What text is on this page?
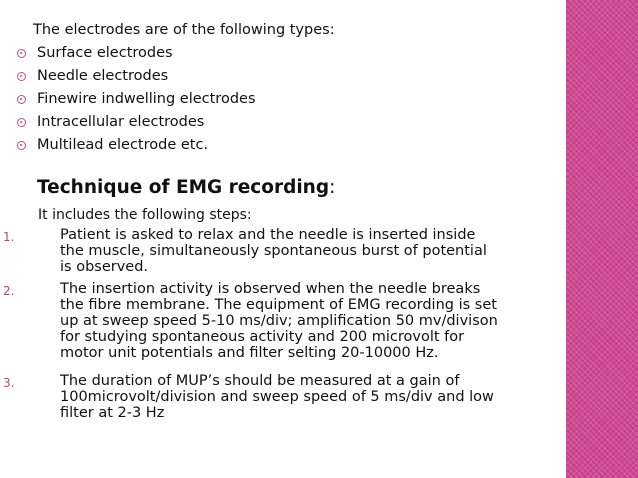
The electrodes are of the following types:
Surface electrodes
Needle electrodes
Finewire indwelling electrodes
Intracellular electrodes
Multilead electrode etc.
Technique of EMG recording:
It includes the following steps:
1.	Patient is asked to relax and the needle is inserted inside
the muscle, simultaneously spontaneous burst of potential
is observed.
2.	The insertion activity is observed when the needle breaks
the fibre membrane. The equipment of EMG recording is set
up at sweep speed 5-10 ms/div; amplification 50 mv/divison
for studying spontaneous activity and 200 microvolt for
motor unit potentials and filter selting 20-10000 Hz.
3.	The duration of MUP’s should be measured at a gain of
100microvolt/division and sweep speed of 5 ms/div and low
filter at 2-3 Hz
